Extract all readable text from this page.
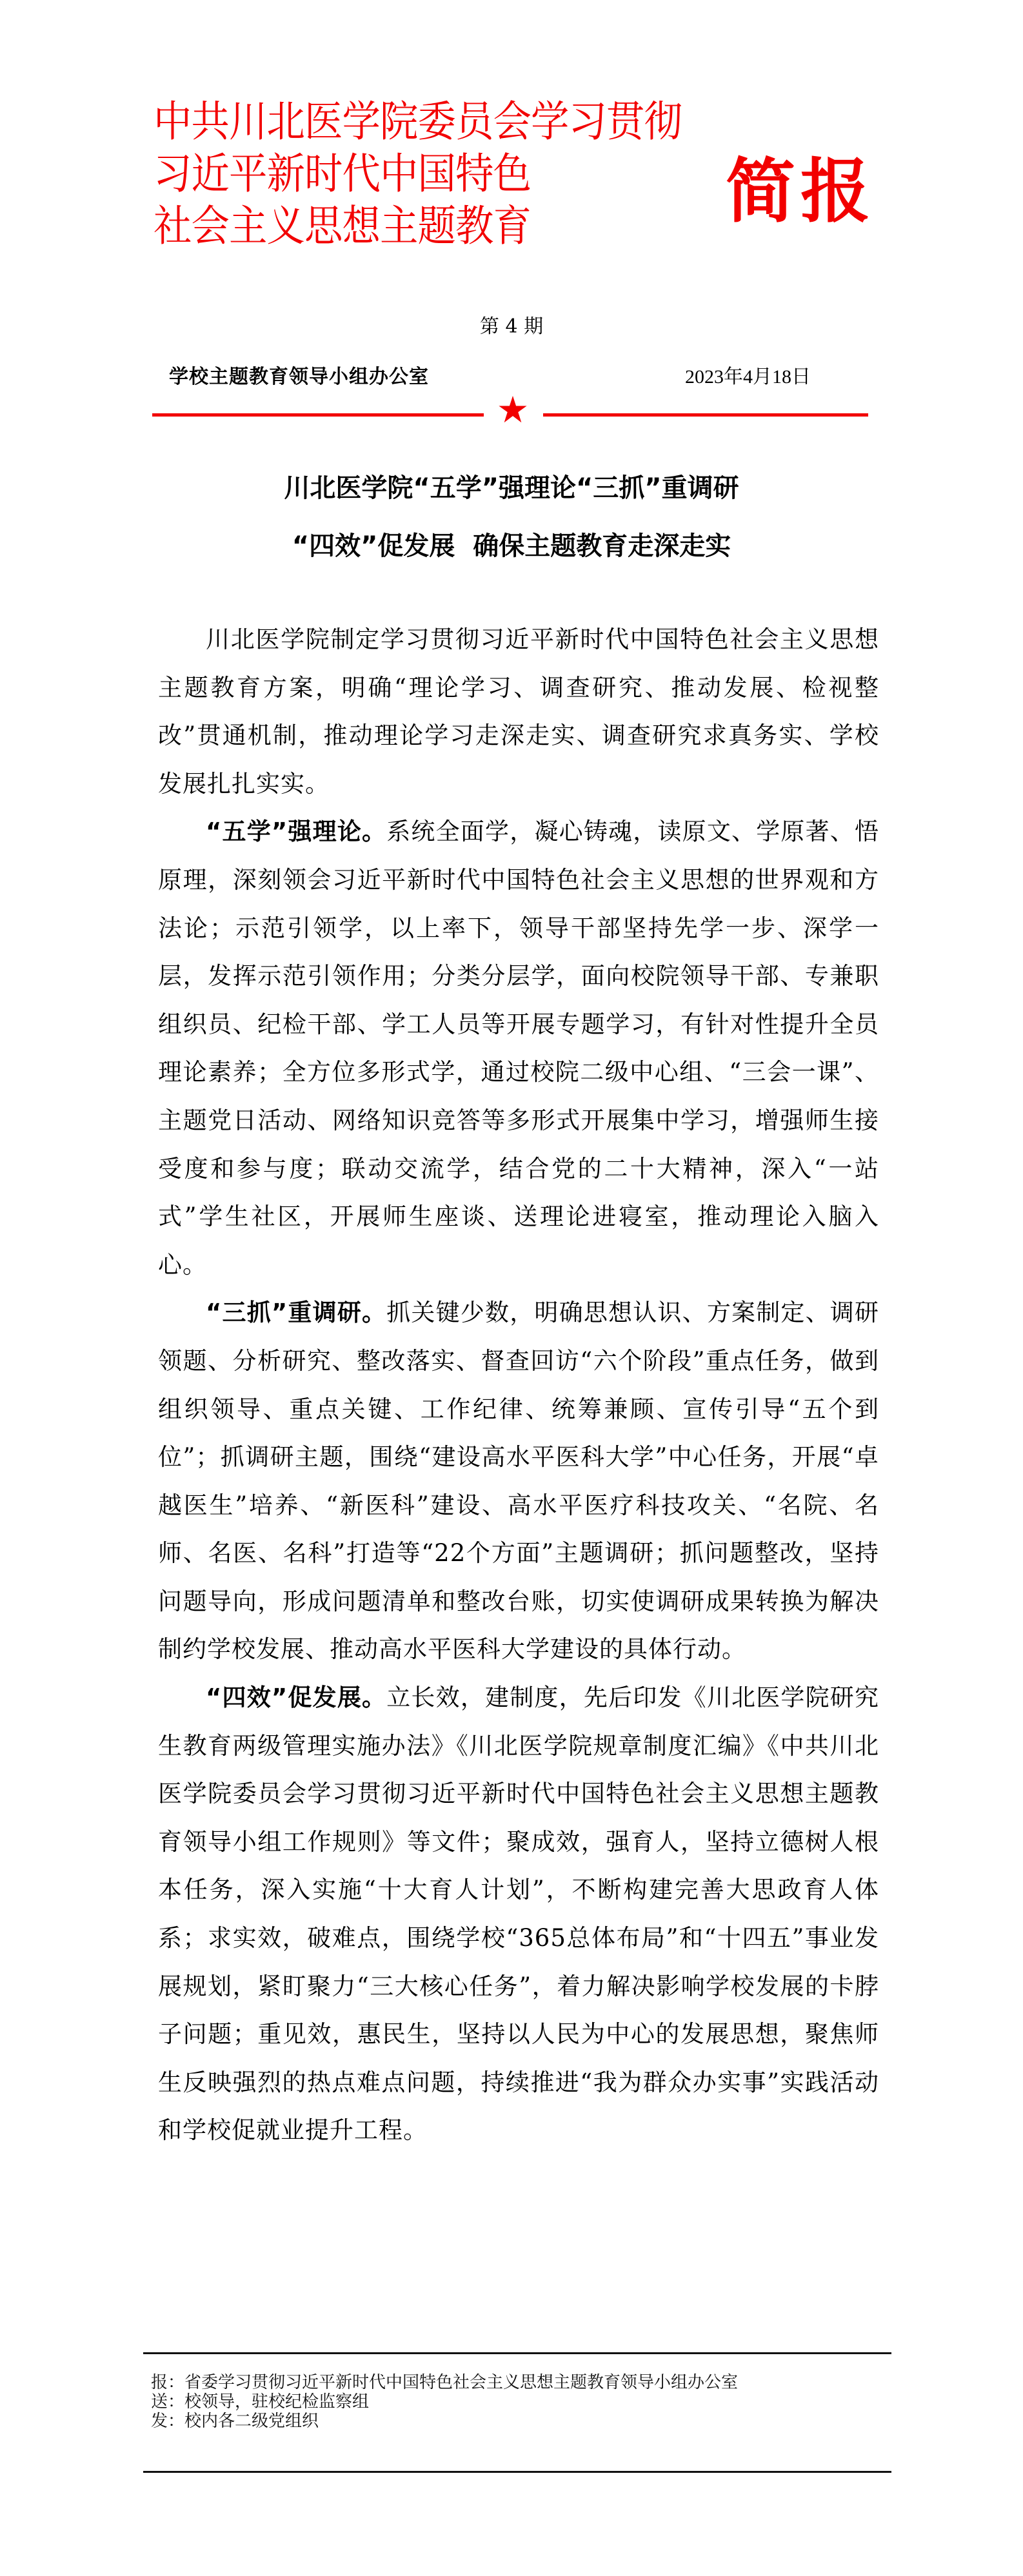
中共川北医学院委员会学习贯彻
习近平新时代中国特色
社会主义思想主题教育	简报
第 4 期
学校主题教育领导小组办公室	2023年4月18日
川北医学院“五学”强理论“三抓”重调研
“四效”促发展  确保主题教育走深走实

川北医学院制定学习贯彻习近平新时代中国特色社会主义思想主题教育方案，明确“理论学习、调查研究、推动发展、检视整改”贯通机制，推动理论学习走深走实、调查研究求真务实、学校发展扎扎实实。

“五学”强理论。系统全面学，凝心铸魂，读原文、学原著、悟原理，深刻领会习近平新时代中国特色社会主义思想的世界观和方法论；示范引领学，以上率下，领导干部坚持先学一步、深学一层，发挥示范引领作用；分类分层学，面向校院领导干部、专兼职组织员、纪检干部、学工人员等开展专题学习，有针对性提升全员理论素养；全方位多形式学，通过校院二级中心组、“三会一课”、主题党日活动、网络知识竞答等多形式开展集中学习，增强师生接受度和参与度；联动交流学，结合党的二十大精神，深入“一站式”学生社区，开展师生座谈、送理论进寝室，推动理论入脑入心。

“三抓”重调研。抓关键少数，明确思想认识、方案制定、调研领题、分析研究、整改落实、督查回访“六个阶段”重点任务，做到组织领导、重点关键、工作纪律、统筹兼顾、宣传引导“五个到位”；抓调研主题，围绕“建设高水平医科大学”中心任务，开展“卓越医生”培养、“新医科”建设、高水平医疗科技攻关、“名院、名师、名医、名科”打造等“22个方面”主题调研；抓问题整改，坚持问题导向，形成问题清单和整改台账，切实使调研成果转换为解决制约学校发展、推动高水平医科大学建设的具体行动。

“四效”促发展。立长效，建制度，先后印发《川北医学院研究生教育两级管理实施办法》《川北医学院规章制度汇编》《中共川北医学院委员会学习贯彻习近平新时代中国特色社会主义思想主题教育领导小组工作规则》等文件；聚成效，强育人，坚持立德树人根本任务，深入实施“十大育人计划”，不断构建完善大思政育人体系；求实效，破难点，围绕学校“365总体布局”和“十四五”事业发展规划，紧盯聚力“三大核心任务”，着力解决影响学校发展的卡脖子问题；重见效，惠民生，坚持以人民为中心的发展思想，聚焦师生反映强烈的热点难点问题，持续推进“我为群众办实事”实践活动和学校促就业提升工程。

报：省委学习贯彻习近平新时代中国特色社会主义思想主题教育领导小组办公室
送：校领导，驻校纪检监察组
发：校内各二级党组织
